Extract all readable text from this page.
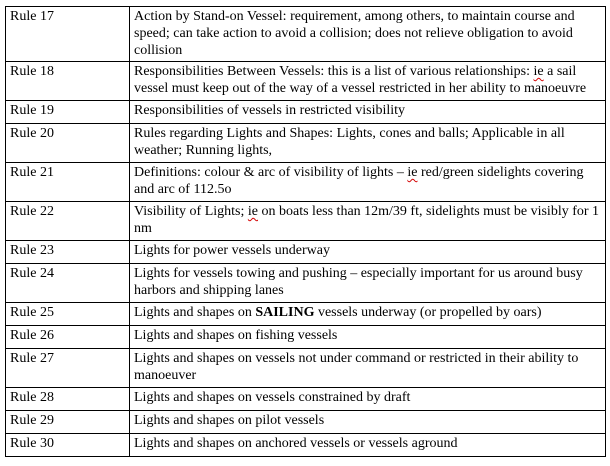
Rule 17	Action by Stand-on Vessel: requirement, among others, to maintain course and speed; can take action to avoid a collision; does not relieve obligation to avoid collision
Rule 18	Responsibilities Between Vessels: this is a list of various relationships: ie a sail vessel must keep out of the way of a vessel restricted in her ability to manoeuvre
Rule 19	Responsibilities of vessels in restricted visibility
Rule 20	Rules regarding Lights and Shapes: Lights, cones and balls; Applicable in all weather; Running lights,
Rule 21	Definitions: colour & arc of visibility of lights – ie red/green sidelights covering and arc of 112.5o
Rule 22	Visibility of Lights; ie on boats less than 12m/39 ft, sidelights must be visibly for 1 nm
Rule 23	Lights for power vessels underway
Rule 24	Lights for vessels towing and pushing – especially important for us around busy harbors and shipping lanes
Rule 25	Lights and shapes on SAILING vessels underway (or propelled by oars)
Rule 26	Lights and shapes on fishing vessels
Rule 27	Lights and shapes on vessels not under command or restricted in their ability to manoeuver
Rule 28	Lights and shapes on vessels constrained by draft
Rule 29	Lights and shapes on pilot vessels
Rule 30	Lights and shapes on anchored vessels or vessels aground
